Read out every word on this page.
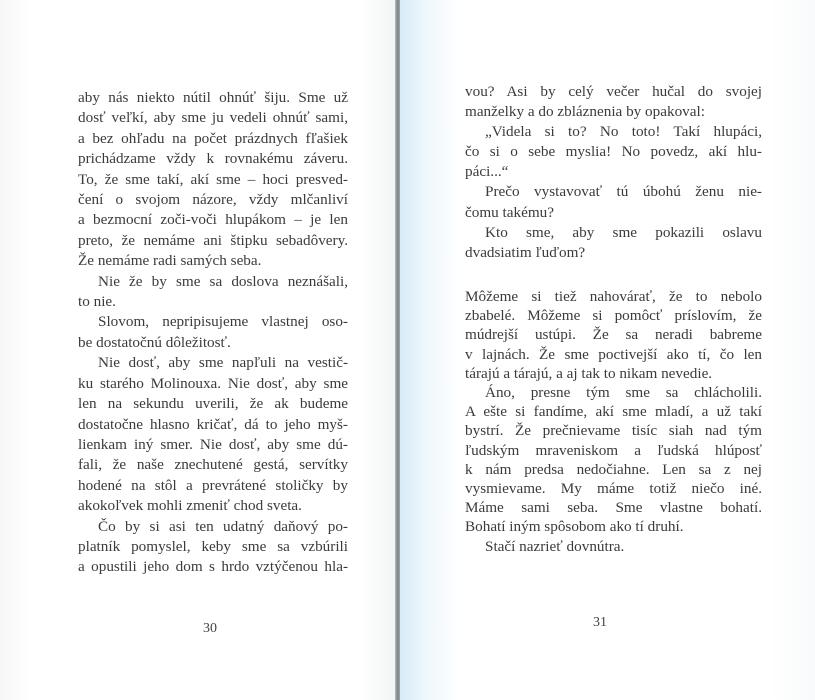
aby nás niekto nútil ohnúť šiju. Sme už
dosť veľkí, aby sme ju vedeli ohnúť sami,
a bez ohľadu na počet prázdnych fľašiek
prichádzame vždy k rovnakému záveru.
To, že sme takí, akí sme – hoci presved-
čení o svojom názore, vždy mlčanliví
a bezmocní zoči-voči hlupákom – je len
preto, že nemáme ani štipku sebadôvery.
Že nemáme radi samých seba.
Nie že by sme sa doslova neznášali,
to nie.
Slovom, nepripisujeme vlastnej oso-
be dostatočnú dôležitosť.
Nie dosť, aby sme napľuli na vestič-
ku starého Molinouxa. Nie dosť, aby sme
len na sekundu uverili, že ak budeme
dostatočne hlasno kričať, dá to jeho myš-
lienkam iný smer. Nie dosť, aby sme dú-
fali, že naše znechutené gestá, servítky
hodené na stôl a prevrátené stoličky by
akokoľvek mohli zmeniť chod sveta.
Čo by si asi ten udatný daňový po-
platník pomyslel, keby sme sa vzbúrili
a opustili jeho dom s hrdo vztýčenou hla-
vou? Asi by celý večer hučal do svojej
manželky a do zbláznenia by opakoval:
„Videla si to? No toto! Takí hlupáci,
čo si o sebe myslia! No povedz, akí hlu-
páci...“
Prečo vystavovať tú úbohú ženu nie-
čomu takému?
Kto sme, aby sme pokazili oslavu
dvadsiatim ľuďom?
Môžeme si tiež nahovárať, že to nebolo
zbabelé. Môžeme si pomôcť príslovím, že
múdrejší ustúpi. Že sa neradi babreme
v lajnách. Že sme poctivejší ako tí, čo len
tárajú a tárajú, a aj tak to nikam nevedie.
Áno, presne tým sme sa chlácholili.
A ešte si fandíme, akí sme mladí, a už takí
bystrí. Že prečnievame tisíc siah nad tým
ľudským mraveniskom a ľudská hlúposť
k nám predsa nedočiahne. Len sa z nej
vysmievame. My máme totiž niečo iné.
Máme sami seba. Sme vlastne bohatí.
Bohatí iným spôsobom ako tí druhí.
Stačí nazrieť dovnútra.
30	31
